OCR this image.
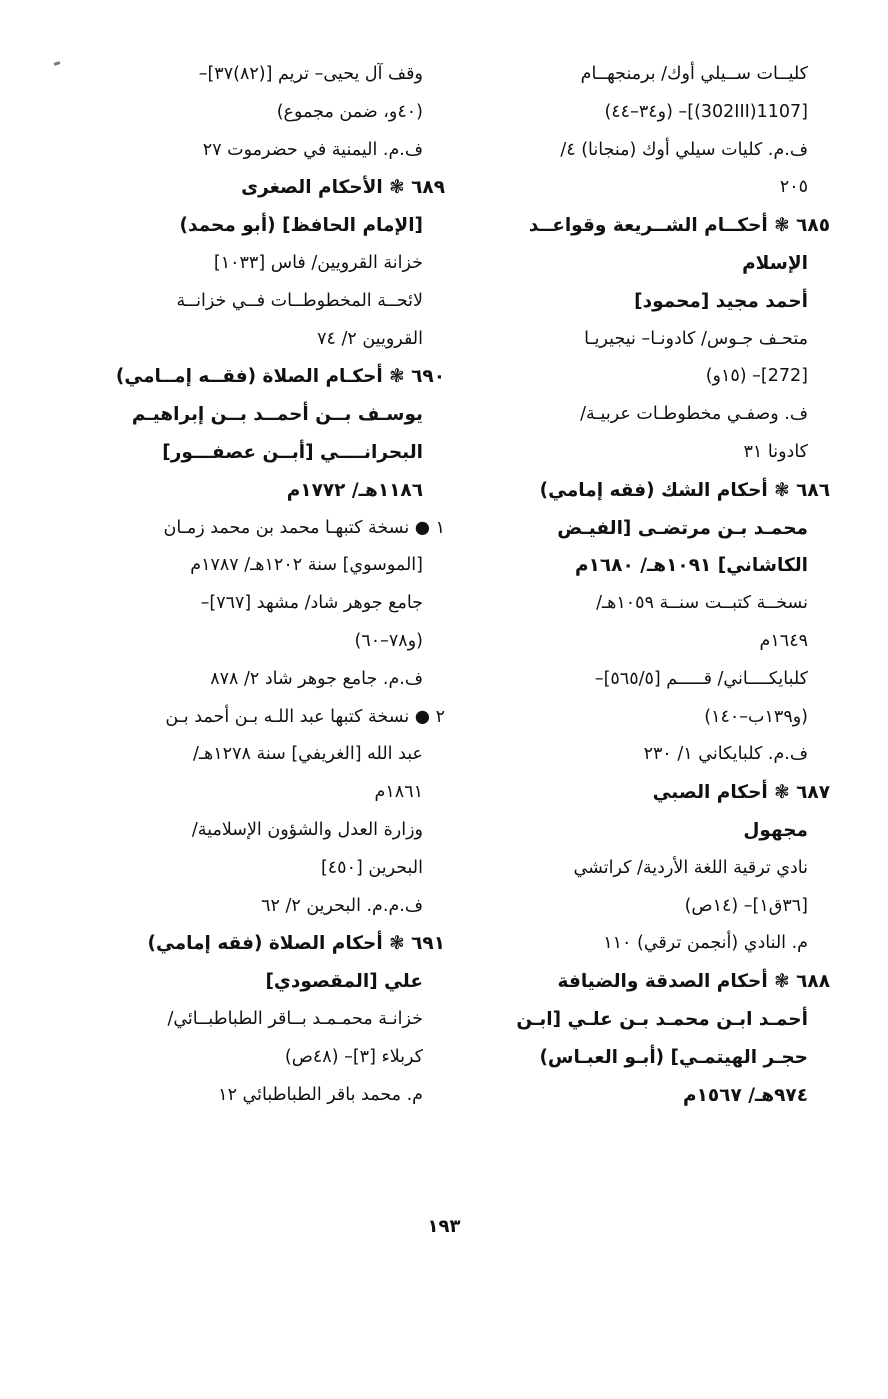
كليــات ســيلي أوك/ برمنجهــام
[1107(302III)]– (و٣٤–٤٤)
ف.م. كليات سيلي أوك (منجانا) ٤/
٢٠٥
٦٨٥ ❃ أحكــام الشــريعة وقواعــد
الإسلام
أحمد مجيد [محمود]
متحـف جـوس/ كادونـا– نيجيريـا
[272]– (١٥و)
ف. وصفـي مخطوطـات عربيـة/
كادونا ٣١
٦٨٦ ❃ أحكام الشك (فقه إمامي)
محمـد بـن مرتضـى [الفيـض
الكاشاني] ١٠٩١هـ/ ١٦٨٠م
نسخــة كتبــت سنــة ١٠٥٩هـ/
١٦٤٩م
كلبايكــــاني/ قـــــم [٥٦٥/٥]–
(و١٣٩ب–١٤٠)
ف.م. كلبايكاني ١/ ٢٣٠
٦٨٧ ❃ أحكام الصبي
مجهول
نادي ترقية اللغة الأردية/ كراتشي
[٣٦ق١]– (١٤ص)
م. النادي (أنجمن ترقي) ١١٠
٦٨٨ ❃ أحكام الصدقة والضيافة
أحمـد ابـن محمـد بـن علـي [ابـن
حجـر الهيتمـي] (أبـو العبـاس)
٩٧٤هـ/ ١٥٦٧م
وقف آل يحيى– تريم [(٨٢)٣٧]–
(٤٠و، ضمن مجموع)
ف.م. اليمنية في حضرموت ٢٧
٦٨٩ ❃ الأحكام الصغرى
[الإمام الحافظ] (أبو محمد)
خزانة القرويين/ فاس [١٠٣٣]
لائحــة المخطوطــات فــي خزانــة
القرويين ٢/ ٧٤
٦٩٠ ❃ أحكـام الصلاة (فقــه إمــامي)
يوسـف بــن أحمــد بــن إبراهيـم
البحرانــــي [أبــن عصفـــور]
١١٨٦هـ/ ١٧٧٢م
١ ● نسخة كتبهـا محمد بن محمد زمـان
[الموسوي] سنة ١٢٠٢هـ/ ١٧٨٧م
جامع جوهر شاد/ مشهد [٧٦٧]–
(و٧٨–٦٠)
ف.م. جامع جوهر شاد ٢/ ٨٧٨
٢ ● نسخة كتبها عبد اللـه بـن أحمد بـن
عبد الله [الغريفي] سنة ١٢٧٨هـ/
١٨٦١م
وزارة العدل والشؤون الإسلامية/
البحرين [٤٥٠]
ف.م.م. البحرين ٢/ ٦٢
٦٩١ ❃ أحكام الصلاة (فقه إمامي)
علي [المقصودي]
خزانـة محمـمـد بــاقر الطباطبــائي/
كربلاء [٣]– (٤٨ص)
م. محمد باقر الطباطبائي ١٢
١٩٣
